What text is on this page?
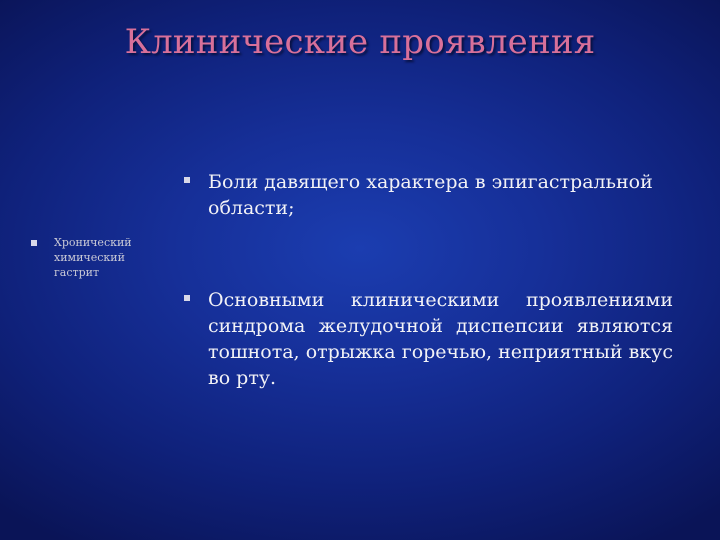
Клинические проявления
Хронический химический гастрит
Боли давящего характера в эпигастральной области;
Основными клиническими проявлениями синдрома желудочной диспепсии являются тошнота, отрыжка горечью, неприятный вкус во рту.
